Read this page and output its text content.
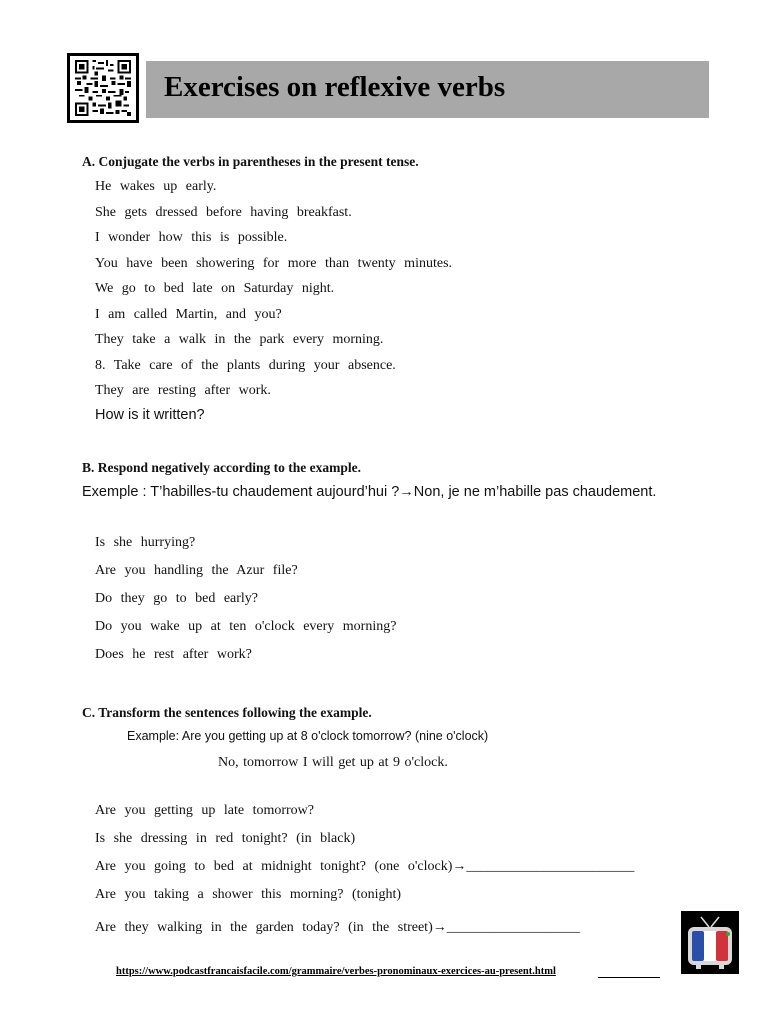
Exercises on reflexive verbs
A. Conjugate the verbs in parentheses in the present tense.
He wakes up early.
She gets dressed before having breakfast.
I wonder how this is possible.
You have been showering for more than twenty minutes.
We go to bed late on Saturday night.
I am called Martin, and you?
They take a walk in the park every morning.
8. Take care of the plants during your absence.
They are resting after work.
How is it written?
B. Respond negatively according to the example.
Exemple : T’habilles-tu chaudement aujourd’hui ?→Non, je ne m’habille pas chaudement.
Is she hurrying?
Are you handling the Azur file?
Do they go to bed early?
Do you wake up at ten o'clock every morning?
Does he rest after work?
C. Transform the sentences following the example.
Example: Are you getting up at 8 o'clock tomorrow? (nine o'clock)
No, tomorrow I will get up at 9 o'clock.
Are you getting up late tomorrow?
Is she dressing in red tonight? (in black)
Are you going to bed at midnight tonight? (one o'clock)→________________________
Are you taking a shower this morning? (tonight)
Are they walking in the garden today? (in the street)→___________________
https://www.podcastfrancaisfacile.com/grammaire/verbes-pronominaux-exercices-au-present.html
